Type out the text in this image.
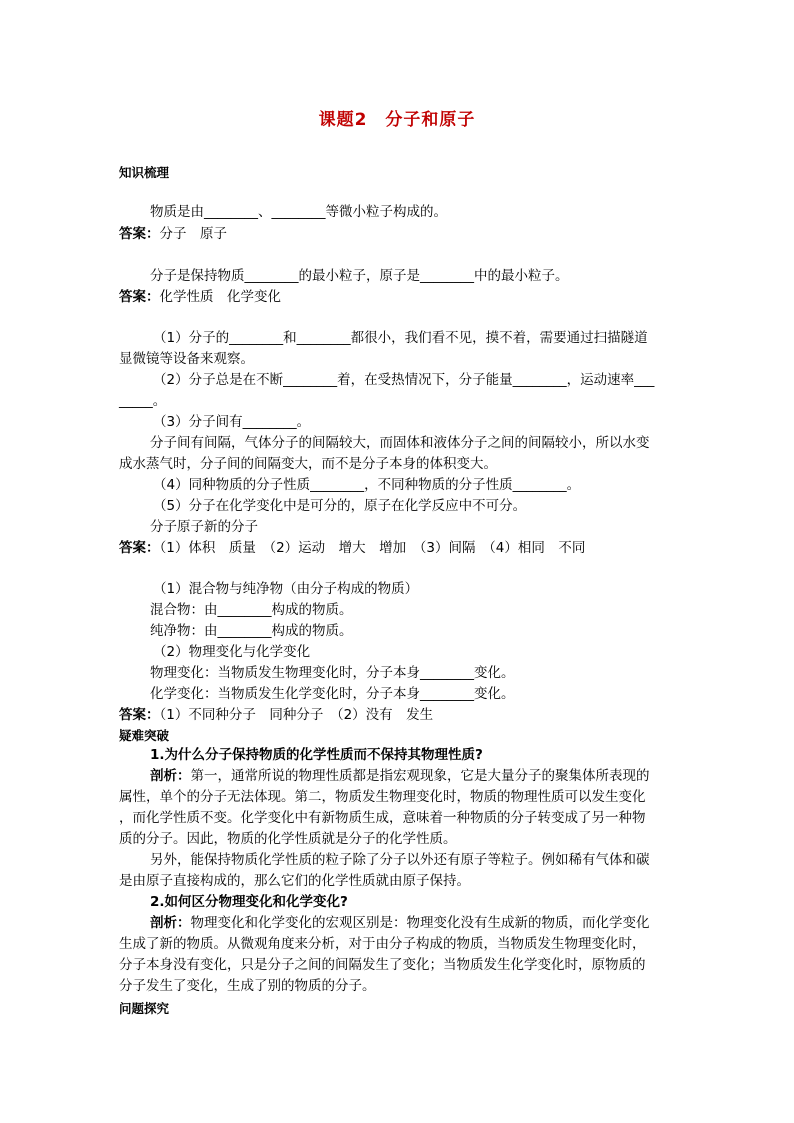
课题2　分子和原子
知识梳理
物质是由________、________等微小粒子构成的。
答案：分子　原子
分子是保持物质________的最小粒子，原子是________中的最小粒子。
答案：化学性质　化学变化
（1）分子的________和________都很小，我们看不见，摸不着，需要通过扫描隧道
显微镜等设备来观察。
（2）分子总是在不断________着，在受热情况下，分子能量________，运动速率___
_____。
（3）分子间有________。
分子间有间隔，气体分子的间隔较大，而固体和液体分子之间的间隔较小，所以水变
成水蒸气时，分子间的间隔变大，而不是分子本身的体积变大。
（4）同种物质的分子性质________，不同种物质的分子性质________。
（5）分子在化学变化中是可分的，原子在化学反应中不可分。
分子原子新的分子
答案：（1）体积　质量　（2）运动　增大　增加　（3）间隔　（4）相同　不同
（1）混合物与纯净物（由分子构成的物质）
混合物：由________构成的物质。
纯净物：由________构成的物质。
（2）物理变化与化学变化
物理变化：当物质发生物理变化时，分子本身________变化。
化学变化：当物质发生化学变化时，分子本身________变化。
答案：（1）不同种分子　同种分子　（2）没有　发生
疑难突破
1.为什么分子保持物质的化学性质而不保持其物理性质?
剖析：第一，通常所说的物理性质都是指宏观现象，它是大量分子的聚集体所表现的
属性，单个的分子无法体现。第二，物质发生物理变化时，物质的物理性质可以发生变化
，而化学性质不变。化学变化中有新物质生成，意味着一种物质的分子转变成了另一种物
质的分子。因此，物质的化学性质就是分子的化学性质。
另外，能保持物质化学性质的粒子除了分子以外还有原子等粒子。例如稀有气体和碳
是由原子直接构成的，那么它们的化学性质就由原子保持。
2.如何区分物理变化和化学变化?
剖析：物理变化和化学变化的宏观区别是：物理变化没有生成新的物质，而化学变化
生成了新的物质。从微观角度来分析，对于由分子构成的物质，当物质发生物理变化时，
分子本身没有变化，只是分子之间的间隔发生了变化；当物质发生化学变化时，原物质的
分子发生了变化，生成了别的物质的分子。
问题探究
